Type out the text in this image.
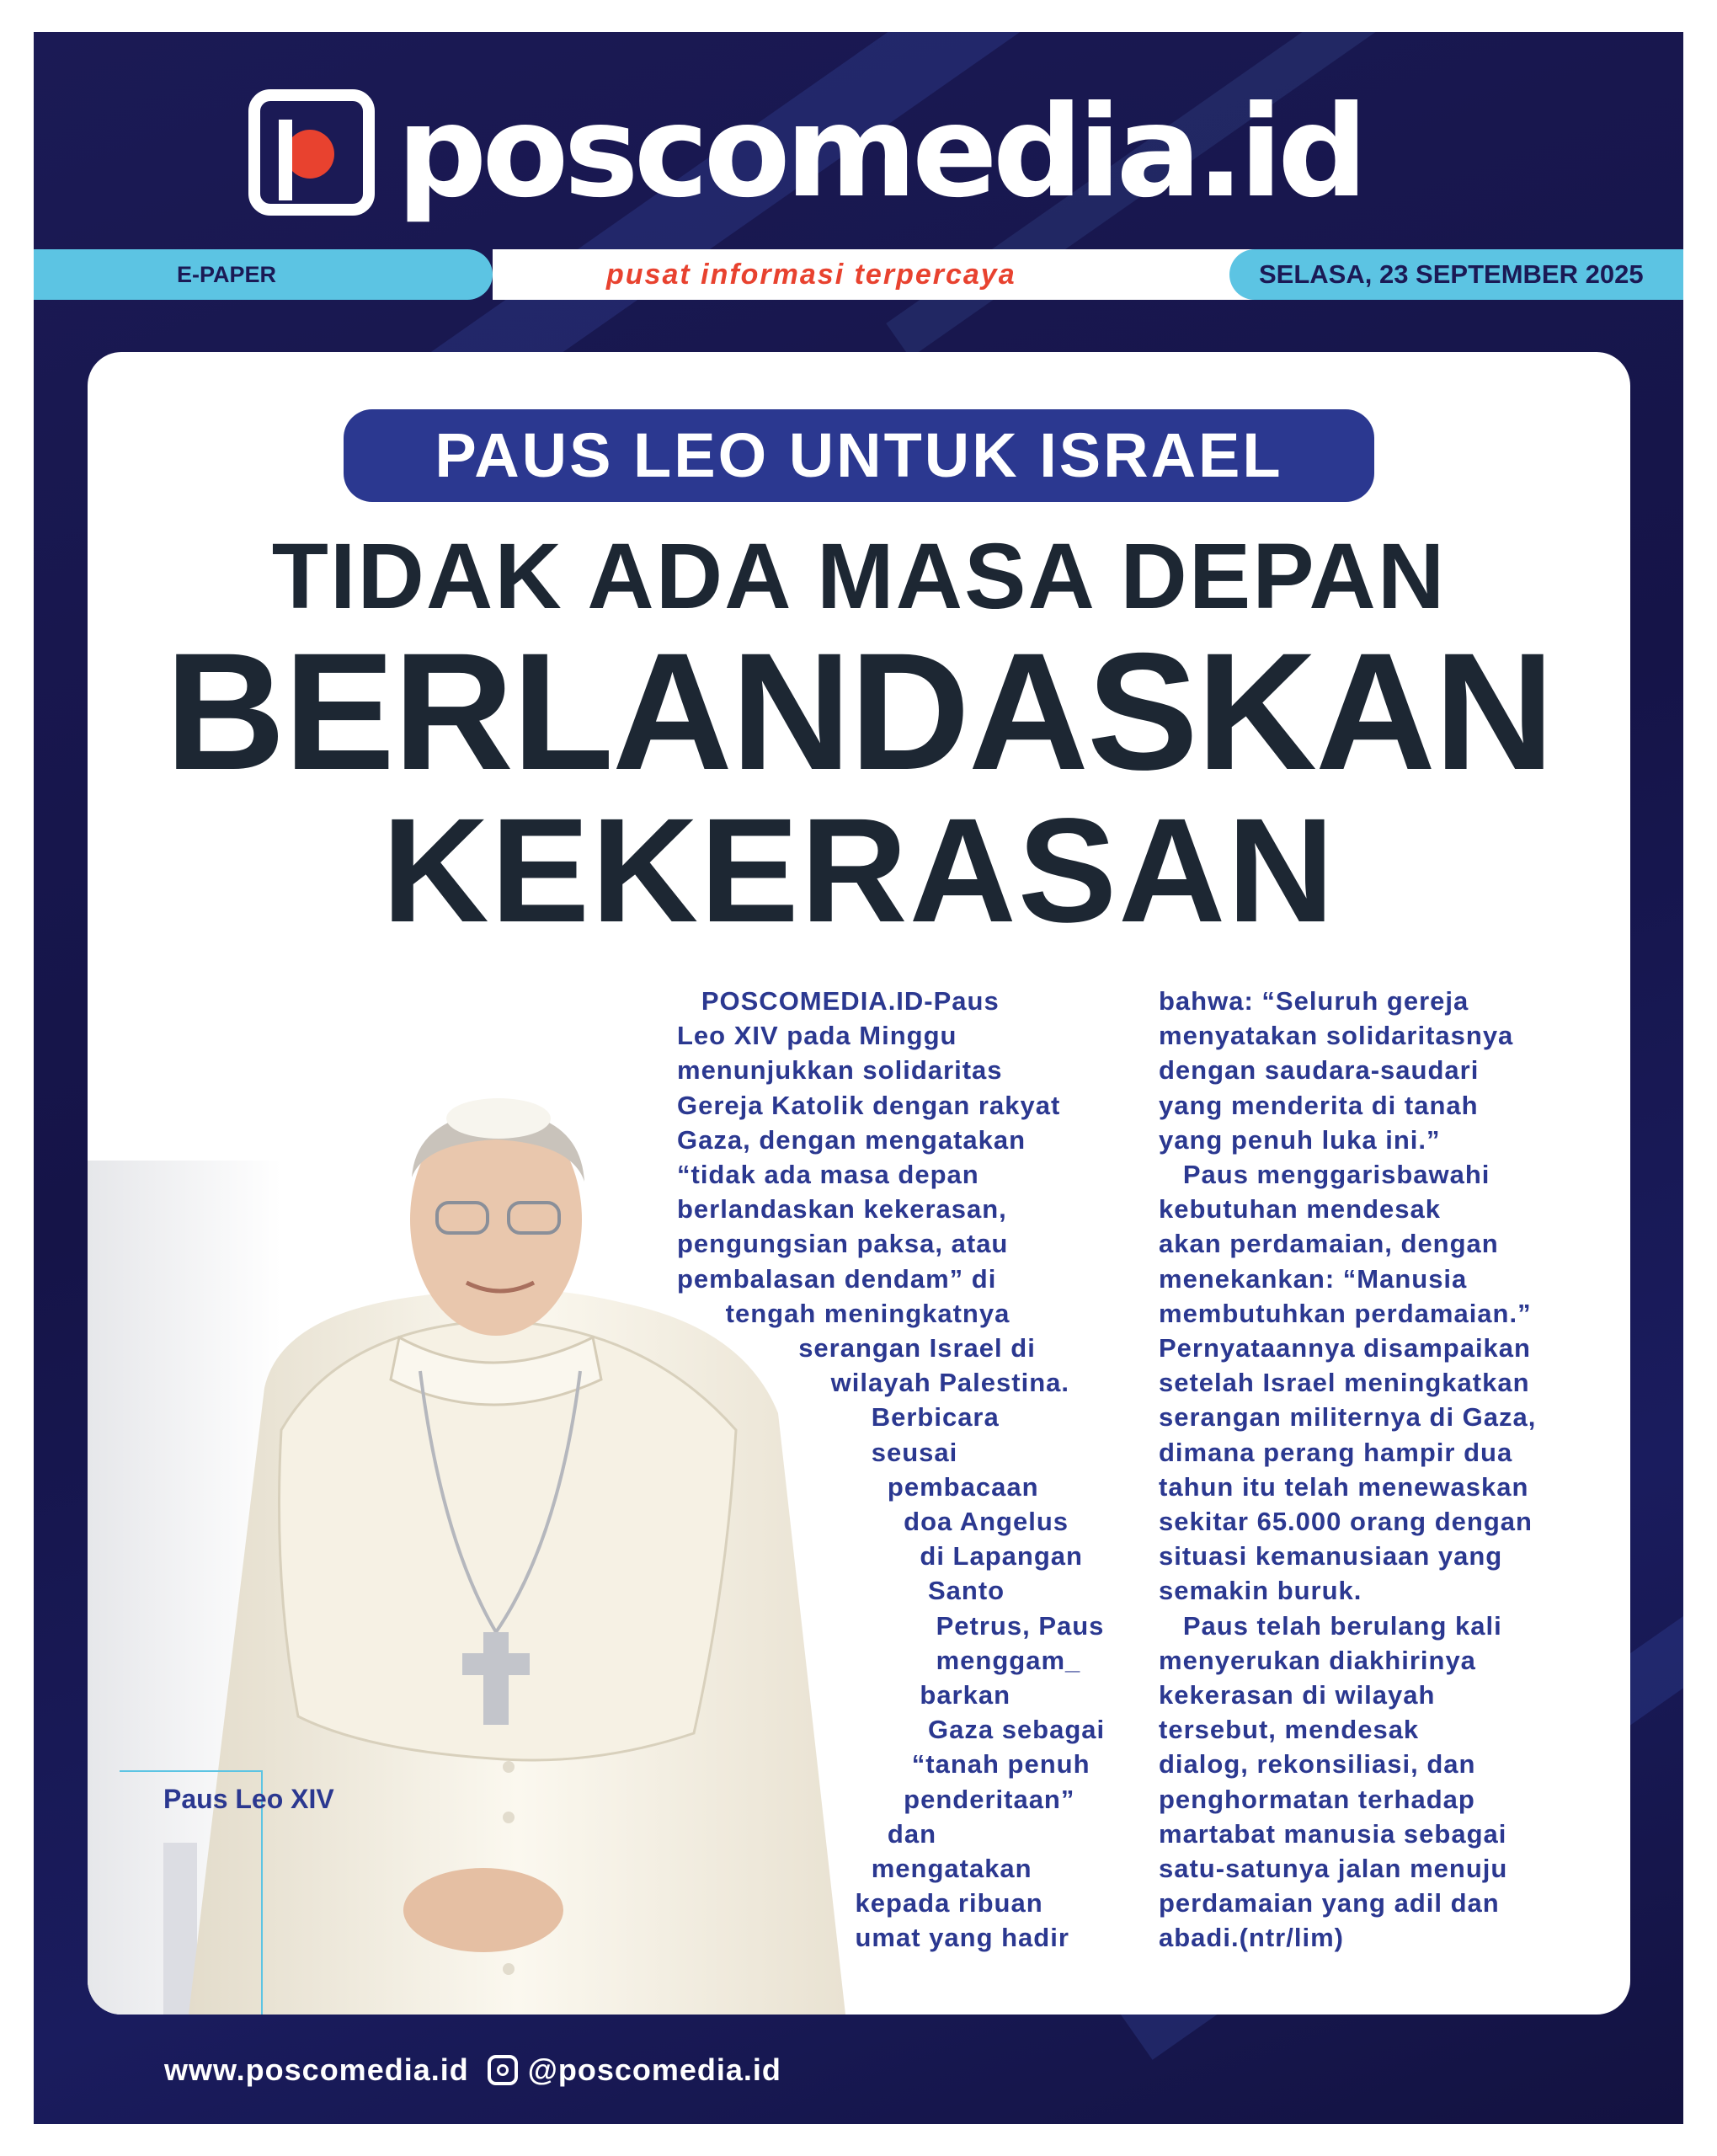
poscomedia.id
E-PAPER	pusat informasi terpercaya	SELASA, 23 SEPTEMBER 2025
PAUS LEO UNTUK ISRAEL
TIDAK ADA MASA DEPAN
BERLANDASKAN
KEKERASAN
Paus Leo XIV
POSCOMEDIA.ID-Paus
Leo XIV pada Minggu
menunjukkan solidaritas
Gereja Katolik dengan rakyat
Gaza, dengan mengatakan
“tidak ada masa depan
berlandaskan kekerasan,
pengungsian paksa, atau
pembalasan dendam” di
tengah meningkatnya
serangan Israel di
wilayah Palestina.
Berbicara
seusai
pembacaan
doa Angelus
di Lapangan
Santo
Petrus, Paus
menggam_
barkan
Gaza sebagai
“tanah penuh
penderitaan”
dan
mengatakan
kepada ribuan
umat yang hadir
bahwa: “Seluruh gereja
menyatakan solidaritasnya
dengan saudara-saudari
yang menderita di tanah
yang penuh luka ini.”
Paus menggarisbawahi
kebutuhan mendesak
akan perdamaian, dengan
menekankan: “Manusia
membutuhkan perdamaian.”
Pernyataannya disampaikan
setelah Israel meningkatkan
serangan militernya di Gaza,
dimana perang hampir dua
tahun itu telah menewaskan
sekitar 65.000 orang dengan
situasi kemanusiaan yang
semakin buruk.
Paus telah berulang kali
menyerukan diakhirinya
kekerasan di wilayah
tersebut, mendesak
dialog, rekonsiliasi, dan
penghormatan terhadap
martabat manusia sebagai
satu-satunya jalan menuju
perdamaian yang adil dan
abadi.(ntr/lim)
www.poscomedia.id @poscomedia.id
